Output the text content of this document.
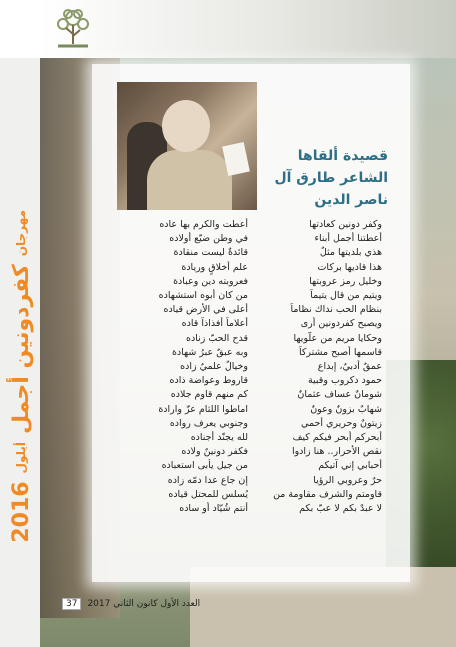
مهرجان
كفردونين أجمل
أيلول
2016
قصيدة ألقاها
الشاعر طارق آل
ناصر الدين
وكفر دونين كعادتها
أعطتنا أجمل أبناء
هذي بلديتها مثلٌ
هذا قاديها بركات
وخليل رمز عروبتها
ويتيم من قال يتيماً
بنظام الحب نداك نظاماً
ويصبح كفردونين أرى
وحكايا مريم من علّويها
قاسمها أصبح مشتركاً
عمقٌ أدبيٌ، إبداع
حمود دكروب وقبية
شومانٌ عساف عثمانٌ
شهابٌ بزونٌ وعونٌ
زيتونٌ وحريري أحمي
أبحركم أبحر فيكم كيف
نقص الأحرار.. هنا زادوا
أحبابي إني آتيكم
حرٌ وعروبي الرؤيا
قاومتم والشرف مقاومة من
لا عبدٌ بكم لا عبّ بكم
أعطت والكرم بها عاده
في وطن ضيّع أولاده
قائدةٌ ليست منقادة
علم أخلاقٍ وريادة
فعروبته دين وعبادة
من كان أبوه استشهاده
أعلى في الأرض قياده
أعلاماً أفذاذاً قاده
قدح الحبّ زناده
وبه عبقٌ عبرُ شهادة
وخيالٌ علميٌ زاده
قاروط وعواضة ذاده
كم منهم قاوم جلاده
اماطوا اللثام عزّ وارادة
وجنوبي يعرف رواده
لله يجنّد أجناده
فكفر دونينٌ ولاده
من جيل يأبى استعباده
إن جاع عدا دمّه زاده
يُسلس للمحتل قياده
أنتم شُيّاد أو ساده
37	العدد الأول كانون الثاني 2017
